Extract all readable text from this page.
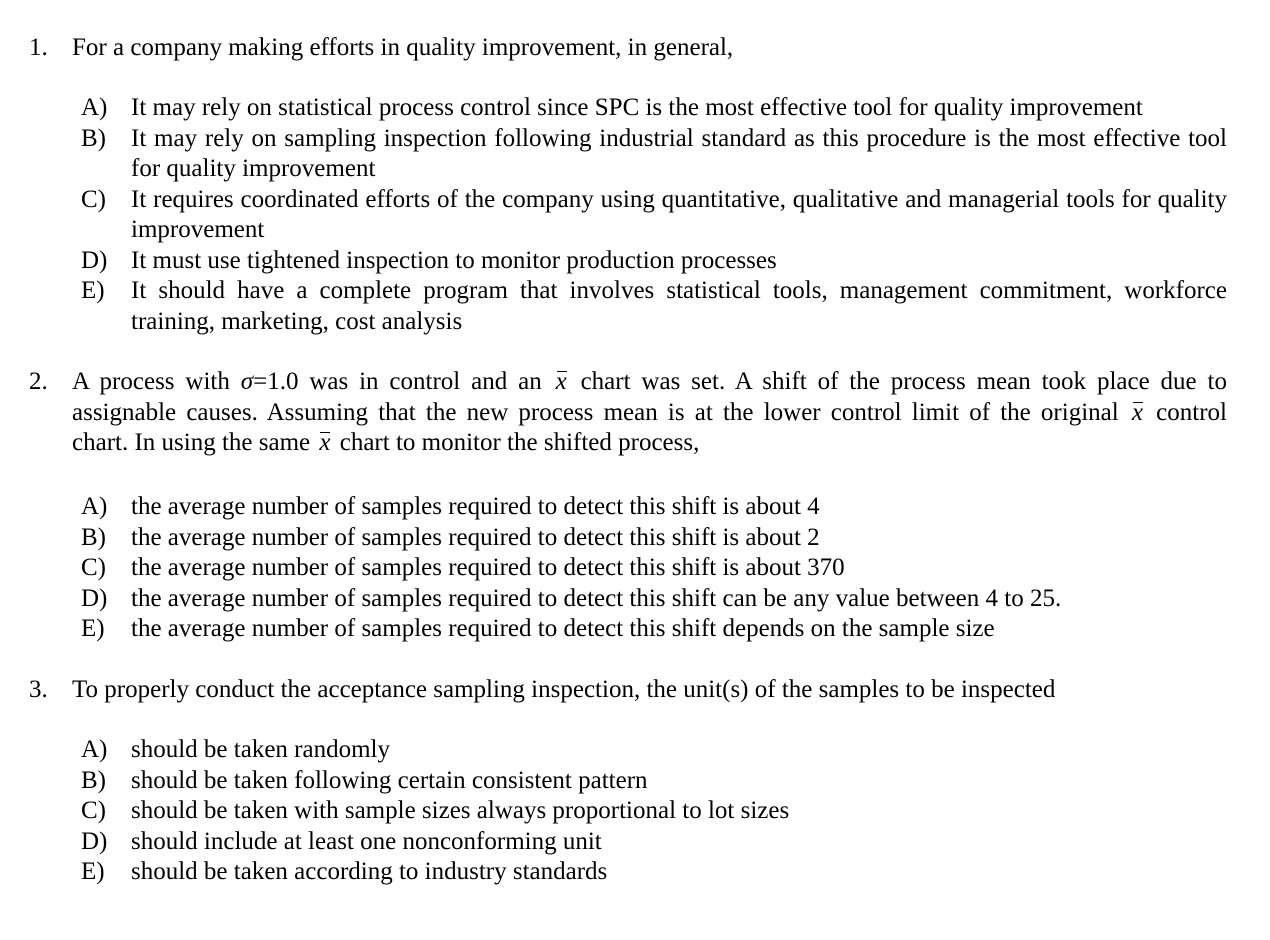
1. For a company making efforts in quality improvement, in general,
A) It may rely on statistical process control since SPC is the most effective tool for quality improvement
B) It may rely on sampling inspection following industrial standard as this procedure is the most effective tool for quality improvement
C) It requires coordinated efforts of the company using quantitative, qualitative and managerial tools for quality improvement
D) It must use tightened inspection to monitor production processes
E) It should have a complete program that involves statistical tools, management commitment, workforce training, marketing, cost analysis
2. A process with σ=1.0 was in control and an x chart was set. A shift of the process mean took place due to
assignable causes. Assuming that the new process mean is at the lower control limit of the original x control
chart. In using the same x chart to monitor the shifted process,
A) the average number of samples required to detect this shift is about 4
B) the average number of samples required to detect this shift is about 2
C) the average number of samples required to detect this shift is about 370
D) the average number of samples required to detect this shift can be any value between 4 to 25.
E) the average number of samples required to detect this shift depends on the sample size
3. To properly conduct the acceptance sampling inspection, the unit(s) of the samples to be inspected
A) should be taken randomly
B) should be taken following certain consistent pattern
C) should be taken with sample sizes always proportional to lot sizes
D) should include at least one nonconforming unit
E) should be taken according to industry standards
